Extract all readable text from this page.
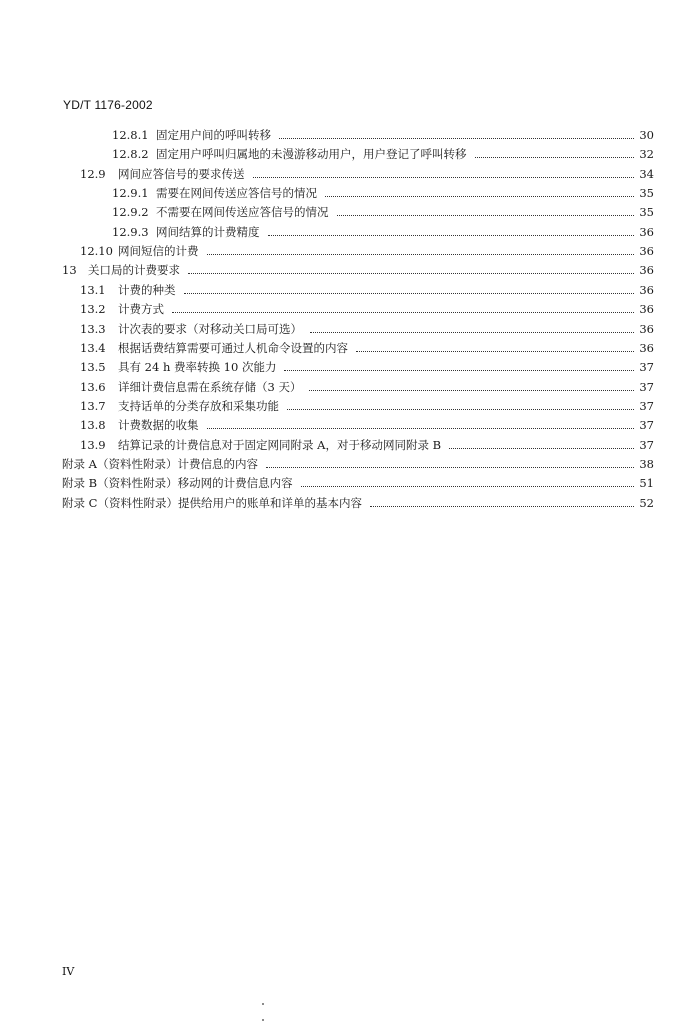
YD/T 1176-2002
12.8.1 固定用户间的呼叫转移	30
12.8.2 固定用户呼叫归属地的未漫游移动用户，用户登记了呼叫转移	32
12.9	网间应答信号的要求传送	34
12.9.1 需要在网间传送应答信号的情况	35
12.9.2 不需要在网间传送应答信号的情况	35
12.9.3 网间结算的计费精度	36
12.10 网间短信的计费	36
13 关口局的计费要求	36
13.1	计费的种类	36
13.2	计费方式	36
13.3	计次表的要求（对移动关口局可选）	36
13.4	根据话费结算需要可通过人机命令设置的内容	36
13.5	具有 24 h 费率转换 10 次能力	37
13.6	详细计费信息需在系统存储（3 天）	37
13.7	支持话单的分类存放和采集功能	37
13.8	计费数据的收集	37
13.9	结算记录的计费信息对于固定网同附录 A，对于移动网同附录 B	37
附录 A（资料性附录）计费信息的内容	38
附录 B（资料性附录）移动网的计费信息内容	51
附录 C（资料性附录）提供给用户的账单和详单的基本内容	52
IV
